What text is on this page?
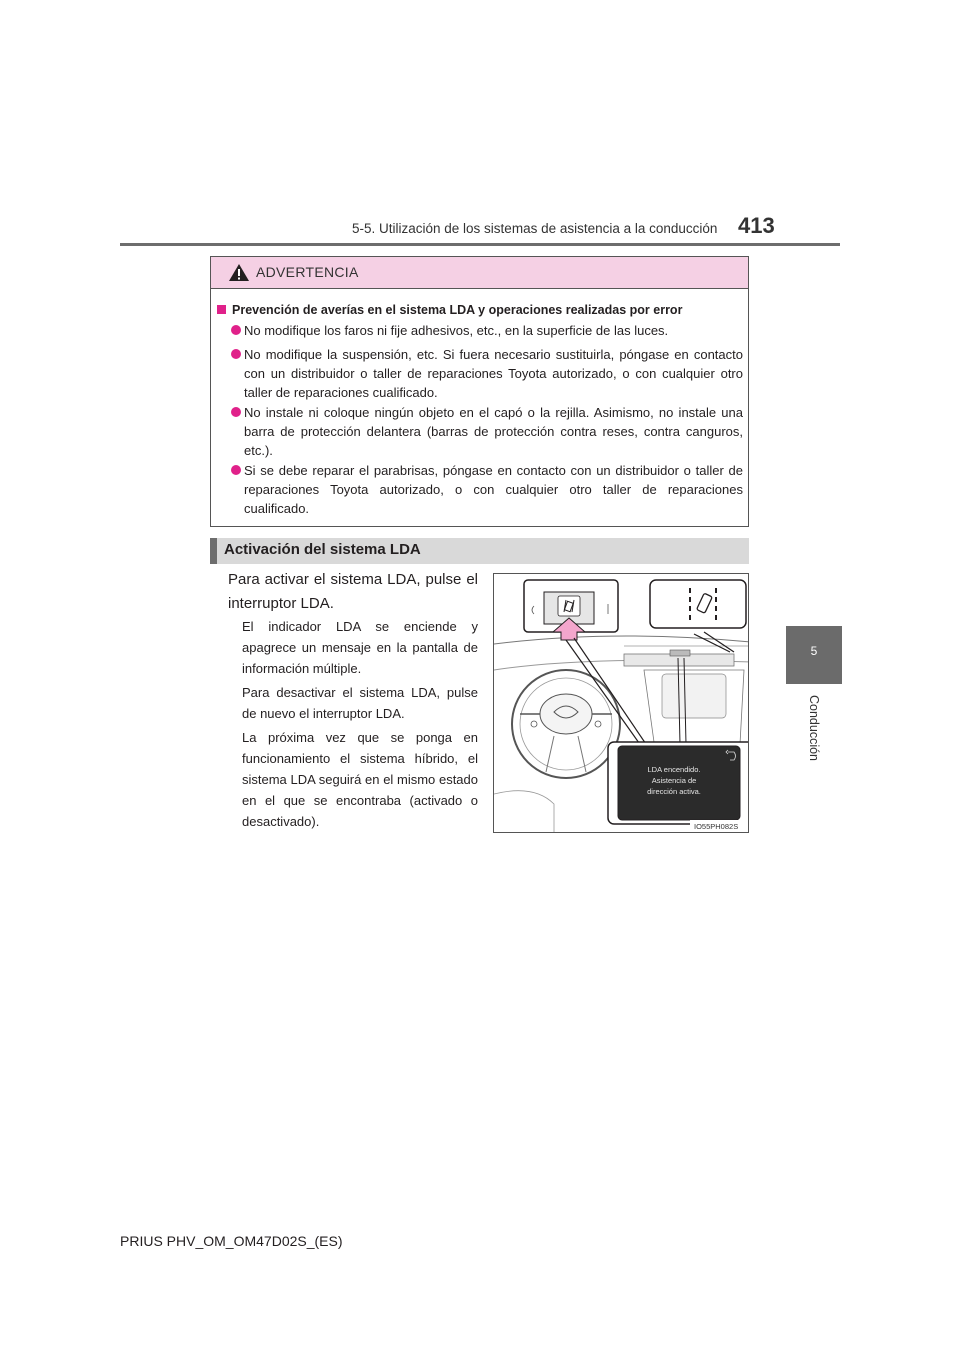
5-5. Utilización de los sistemas de asistencia a la conducción 413
5
Conducción
ADVERTENCIA
Prevención de averías en el sistema LDA y operaciones realizadas por error
No modifique los faros ni fije adhesivos, etc., en la superficie de las luces.
No modifique la suspensión, etc. Si fuera necesario sustituirla, póngase en contacto con un distribuidor o taller de reparaciones Toyota autorizado, o con cualquier otro taller de reparaciones cualificado.
No instale ni coloque ningún objeto en el capó o la rejilla. Asimismo, no instale una barra de protección delantera (barras de protección contra reses, contra canguros, etc.).
Si se debe reparar el parabrisas, póngase en contacto con un distribuidor o taller de reparaciones Toyota autorizado, o con cualquier otro taller de reparaciones cualificado.
Activación del sistema LDA
Para activar el sistema LDA, pulse el interruptor LDA.
El indicador LDA se enciende y apagrece un mensaje en la pantalla de información múltiple.
Para desactivar el sistema LDA, pulse de nuevo el interruptor LDA.
La próxima vez que se ponga en funcionamiento el sistema híbrido, el sistema LDA seguirá en el mismo estado en el que se encontraba (activado o desactivado).
LDA encendido.
Asistencia de
dirección activa.
IO55PH082S
PRIUS PHV_OM_OM47D02S_(ES)
